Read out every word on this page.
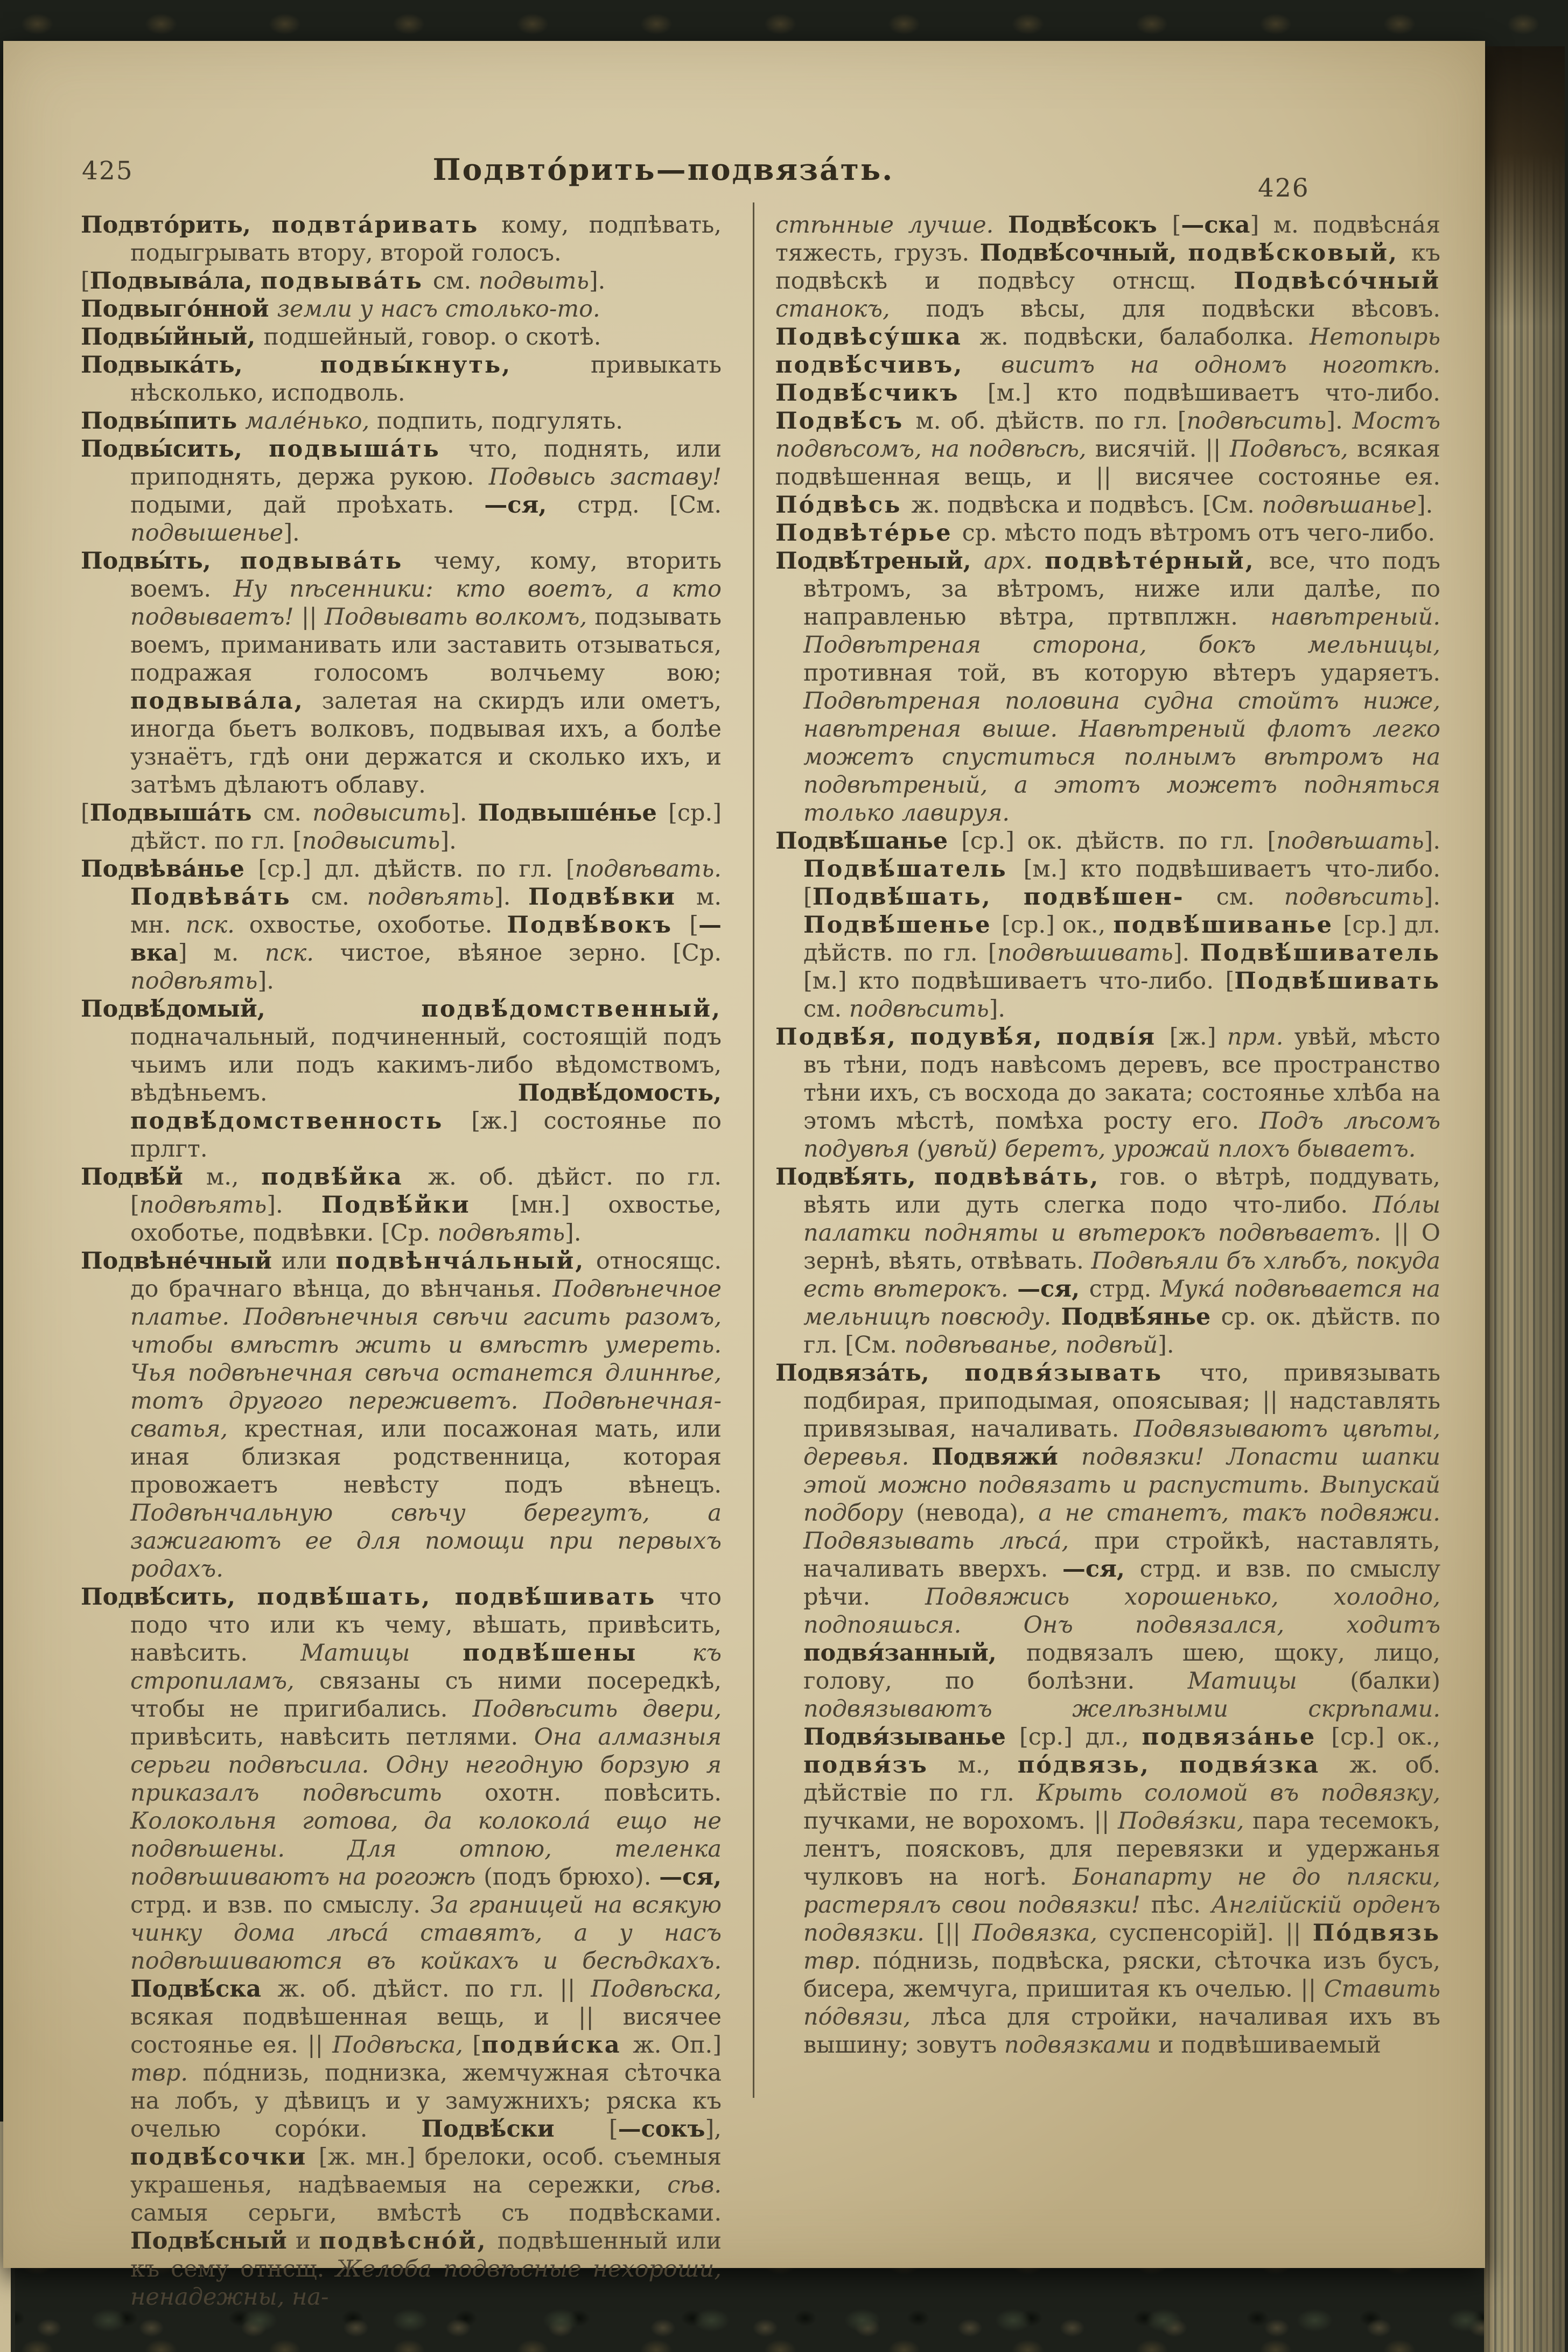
425	Подвто́рить—подвяза́ть.
426

Подвто́рить, подвта́ривать кому, подпѣвать, подыгрывать втору, второй голосъ.

[Подвыва́ла, подвыва́ть см. подвыть].

Подвыго́нной земли у насъ столько-то.

Подвы́йный, подшейный, говор. о скотѣ.

Подвыка́ть, подвы́кнуть, привыкать нѣсколько, исподволь.

Подвы́пить мале́нько, подпить, подгулять.

Подвы́сить, подвыша́ть что, поднять, или приподнять, держа рукою. Подвысь заставу! подыми, дай проѣхать. —ся, стрд. [См. подвышенье].

Подвы́ть, подвыва́ть чему, кому, вторить воемъ. Ну пѣсенники: кто воетъ, а кто подвываетъ! || Подвывать волкомъ, подзывать воемъ, приманивать или заставить отзываться, подражая голосомъ волчьему вою; подвыва́ла, залетая на скирдъ или ометъ, иногда бьетъ волковъ, подвывая ихъ, а болѣе узнаётъ, гдѣ они держатся и сколько ихъ, и затѣмъ дѣлаютъ облаву.

[Подвыша́ть см. подвысить]. Подвыше́нье [ср.] дѣйст. по гл. [подвысить].

Подвѣва́нье [ср.] дл. дѣйств. по гл. [подвѣвать. Подвѣва́ть см. подвѣять]. Подвѣ́вки м. мн. пск. охвостье, охоботье. Подвѣ́вокъ [—вка] м. пск. чистое, вѣяное зерно. [Ср. подвѣять].

Подвѣ́домый, подвѣ́домственный, подначальный, подчиненный, состоящій подъ чьимъ или подъ какимъ-либо вѣдомствомъ, вѣдѣньемъ. Подвѣ́домость, подвѣ́домственность [ж.] состоянье по прлгт.

Подвѣ́й м., подвѣ́йка ж. об. дѣйст. по гл. [подвѣять]. Подвѣ́йки [мн.] охвостье, охоботье, подвѣвки. [Ср. подвѣять].

Подвѣне́чный или подвѣнча́льный, относящс. до брачнаго вѣнца, до вѣнчанья. Подвѣнечное платье. Подвѣнечныя свѣчи гасить разомъ, чтобы вмѣстѣ жить и вмѣстѣ умереть. Чья подвѣнечная свѣча останется длиннѣе, тотъ другого переживетъ. Подвѣнечная-сватья, крестная, или посажоная мать, или иная близкая родственница, которая провожаетъ невѣсту подъ вѣнецъ. Подвѣнчальную свѣчу берегутъ, а зажигаютъ ее для помощи при первыхъ родахъ.

Подвѣ́сить, подвѣ́шать, подвѣ́шивать что подо что или къ чему, вѣшать, привѣсить, навѣсить. Матицы подвѣ́шены къ стропиламъ, связаны съ ними посередкѣ, чтобы не пригибались. Подвѣсить двери, привѣсить, навѣсить петлями. Она алмазныя серьги подвѣсила. Одну негодную борзую я приказалъ подвѣсить охотн. повѣсить. Колокольня готова, да колокола́ ещо не подвѣшены. Для отпою, теленка подвѣшиваютъ на рогожѣ (подъ брюхо). —ся, стрд. и взв. по смыслу. За границей на всякую чинку дома лѣса́ ставятъ, а у насъ подвѣшиваются въ койкахъ и бесѣдкахъ. Подвѣ́ска ж. об. дѣйст. по гл. || Подвѣска, всякая подвѣшенная вещь, и || висячее состоянье ея. || Подвѣска, [подви́ска ж. Оп.] твр. по́днизь, поднизка, жемчужная сѣточка на лобъ, у дѣвицъ и у замужнихъ; ряска къ очелью соро́ки. Подвѣ́ски [—сокъ], подвѣ́сочки [ж. мн.] брелоки, особ. съемныя украшенья, надѣваемыя на сережки, сѣв. самыя серьги, вмѣстѣ съ подвѣсками. Подвѣ́сный и подвѣсно́й, подвѣшенный или къ сему отнсщ. Желоба подвѣсные нехороши, ненадежны, на-

стѣнные лучше. Подвѣ́сокъ [—ска] м. подвѣсна́я тяжесть, грузъ. Подвѣ́сочный, подвѣ́сковый, къ подвѣскѣ и подвѣсу отнсщ. Подвѣсо́чный станокъ, подъ вѣсы, для подвѣски вѣсовъ. Подвѣсу́шка ж. подвѣски, балаболка. Нетопырь подвѣ́счивъ, виситъ на одномъ ноготкѣ. Подвѣ́счикъ [м.] кто подвѣшиваетъ что-либо. Подвѣ́съ м. об. дѣйств. по гл. [подвѣсить]. Мостъ подвѣсомъ, на подвѣсѣ, висячій. || Подвѣсъ, всякая подвѣшенная вещь, и || висячее состоянье ея. По́двѣсь ж. подвѣска и подвѣсъ. [См. подвѣшанье].

Подвѣте́рье ср. мѣсто подъ вѣтромъ отъ чего-либо.

Подвѣ́треный, арх. подвѣте́рный, все, что подъ вѣтромъ, за вѣтромъ, ниже или далѣе, по направленью вѣтра, пртвплжн. навѣтреный. Подвѣтреная сторона, бокъ мельницы, противная той, въ которую вѣтеръ ударяетъ. Подвѣтреная половина судна стойтъ ниже, навѣтреная выше. Навѣтреный флотъ легко можетъ спуститься полнымъ вѣтромъ на подвѣтреный, а этотъ можетъ подняться только лавируя.

Подвѣ́шанье [ср.] ок. дѣйств. по гл. [подвѣшать]. Подвѣ́шатель [м.] кто подвѣшиваетъ что-либо. [Подвѣ́шать, подвѣ́шен- см. подвѣсить]. Подвѣ́шенье [ср.] ок., подвѣ́шиванье [ср.] дл. дѣйств. по гл. [подвѣшивать]. Подвѣ́шиватель [м.] кто подвѣшиваетъ что-либо. [Подвѣ́шивать см. подвѣсить].

Подвѣ́я, подувѣ́я, подві́я [ж.] прм. увѣй, мѣсто въ тѣни, подъ навѣсомъ деревъ, все пространство тѣни ихъ, съ восхода до заката; состоянье хлѣба на этомъ мѣстѣ, помѣха росту его. Подъ лѣсомъ подувѣя (увѣй) беретъ, урожай плохъ бываетъ.

Подвѣ́ять, подвѣва́ть, гов. о вѣтрѣ, поддувать, вѣять или дуть слегка подо что-либо. По́лы палатки подняты и вѣтерокъ подвѣваетъ. || О зернѣ, вѣять, отвѣвать. Подвѣяли бъ хлѣбъ, покуда есть вѣтерокъ. —ся, стрд. Мука́ подвѣвается на мельницѣ повсюду. Подвѣ́янье ср. ок. дѣйств. по гл. [См. подвѣванье, подвѣй].

Подвяза́ть, подвя́зывать что, привязывать подбирая, приподымая, опоясывая; || надставлять привязывая, началивать. Подвязываютъ цвѣты, деревья. Подвяжи́ подвязки! Лопасти шапки этой можно подвязать и распустить. Выпускай подбору (невода), а не станетъ, такъ подвяжи. Подвязывать лѣса́, при стройкѣ, наставлять, началивать вверхъ. —ся, стрд. и взв. по смыслу рѣчи. Подвяжись хорошенько, холодно, подпояшься. Онъ подвязался, ходитъ подвя́занный, подвязалъ шею, щоку, лицо, голову, по болѣзни. Матицы (балки) подвязываютъ желѣзными скрѣпами. Подвя́зыванье [ср.] дл., подвяза́нье [ср.] ок., подвя́зъ м., по́двязь, подвя́зка ж. об. дѣйствіе по гл. Крыть соломой въ подвязку, пучками, не ворохомъ. || Подвя́зки, пара тесемокъ, лентъ, поясковъ, для перевязки и удержанья чулковъ на ногѣ. Бонапарту не до пляски, растерялъ свои подвязки! пѣс. Англійскій орденъ подвязки. [|| Подвязка, суспенсорій]. || По́двязь твр. по́днизь, подвѣска, ряски, сѣточка изъ бусъ, бисера, жемчуга, пришитая къ очелью. || Ставить по́двязи, лѣса для стройки, началивая ихъ въ вышину; зовутъ подвязками и подвѣшиваемый
